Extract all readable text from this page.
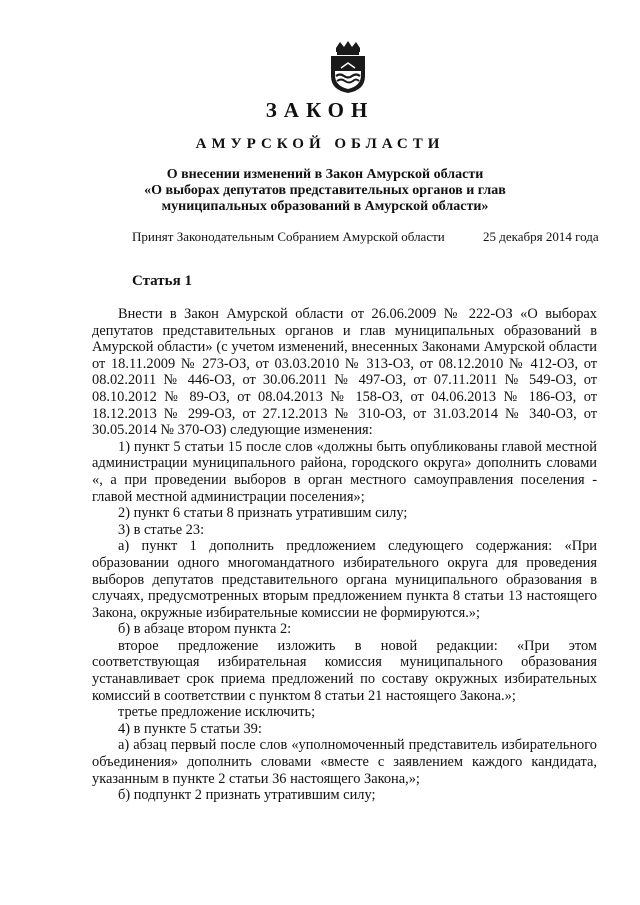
ЗАКОН
АМУРСКОЙ ОБЛАСТИ
О внесении изменений в Закон Амурской области
«О выборах депутатов представительных органов и глав
муниципальных образований в Амурской области»
Принят Законодательным Собранием Амурской области	25 декабря 2014 года
Статья 1

Внести в Закон Амурской области от 26.06.2009 № 222-ОЗ «О выборах депутатов представительных органов и глав муниципальных образований в Амурской области» (с учетом изменений, внесенных Законами Амурской области от 18.11.2009 № 273-ОЗ, от 03.03.2010 № 313-ОЗ, от 08.12.2010 № 412-ОЗ, от 08.02.2011 № 446-ОЗ, от 30.06.2011 № 497-ОЗ, от 07.11.2011 № 549-ОЗ, от 08.10.2012 № 89-ОЗ, от 08.04.2013 № 158-ОЗ, от 04.06.2013 № 186-ОЗ, от 18.12.2013 № 299-ОЗ, от 27.12.2013 № 310-ОЗ, от 31.03.2014 № 340-ОЗ, от 30.05.2014 № 370-ОЗ) следующие изменения:

1) пункт 5 статьи 15 после слов «должны быть опубликованы главой местной администрации муниципального района, городского округа» дополнить словами «, а при проведении выборов в орган местного самоуправления поселения - главой местной администрации поселения»;

2) пункт 6 статьи 8 признать утратившим силу;

3) в статье 23:

а) пункт 1 дополнить предложением следующего содержания: «При образовании одного многомандатного избирательного округа для проведения выборов депутатов представительного органа муниципального образования в случаях, предусмотренных вторым предложением пункта 8 статьи 13 настоящего Закона, окружные избирательные комиссии не формируются.»;

б) в абзаце втором пункта 2:

второе предложение изложить в новой редакции: «При этом соответствующая избирательная комиссия муниципального образования устанавливает срок приема предложений по составу окружных избирательных комиссий в соответствии с пунктом 8 статьи 21 настоящего Закона.»;

третье предложение исключить;

4) в пункте 5 статьи 39:

а) абзац первый после слов «уполномоченный представитель избирательного объединения» дополнить словами «вместе с заявлением каждого кандидата, указанным в пункте 2 статьи 36 настоящего Закона,»;

б) подпункт 2 признать утратившим силу;
